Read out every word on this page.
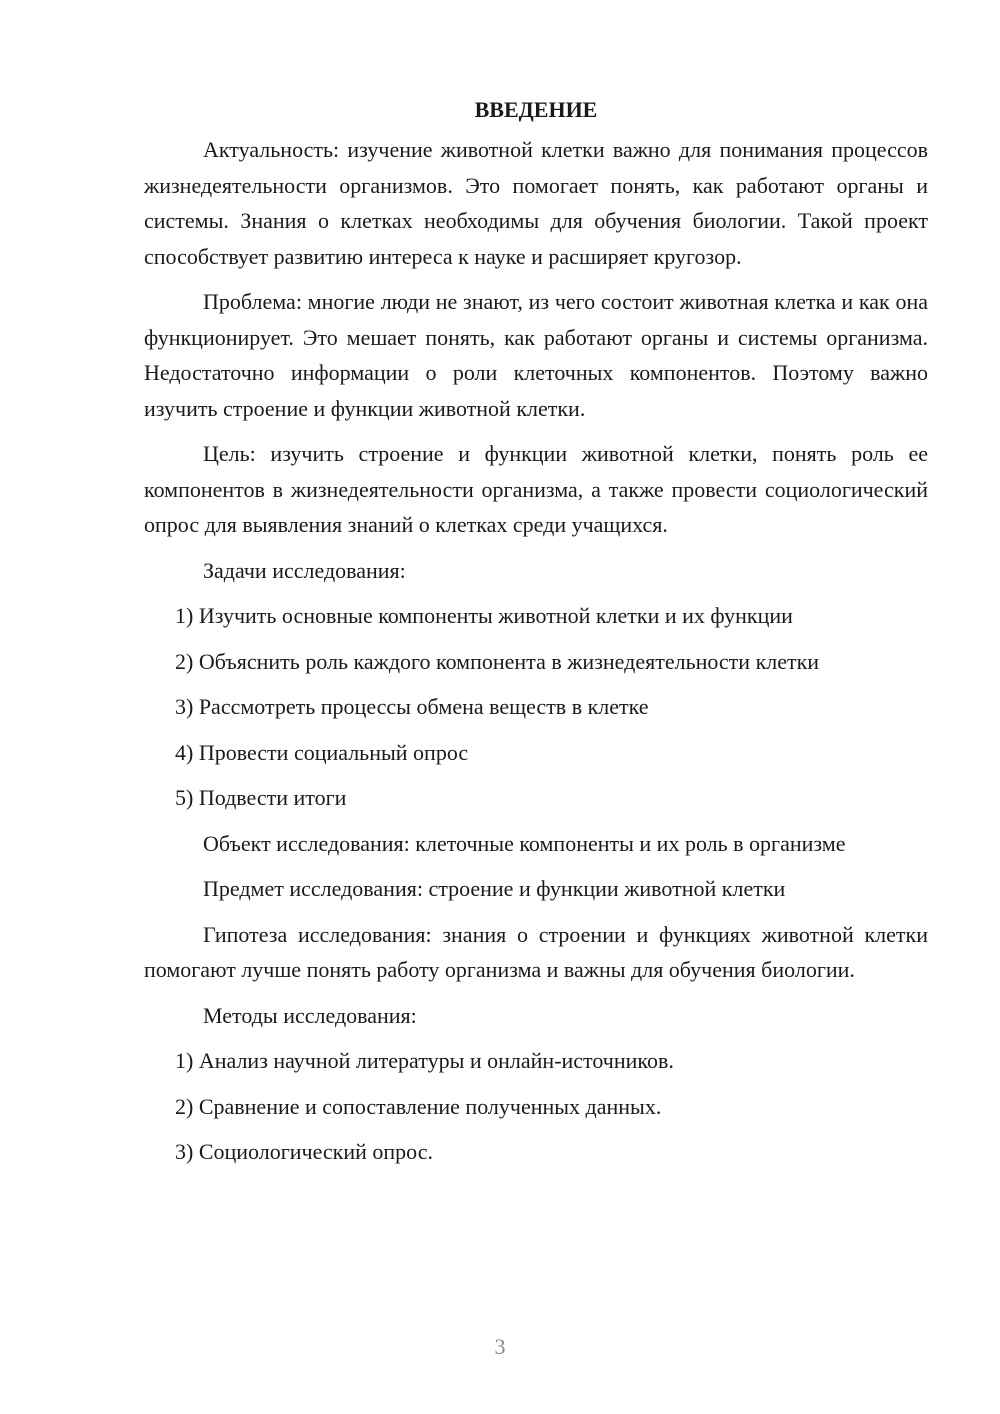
ВВЕДЕНИЕ

Актуальность: изучение животной клетки важно для понимания процессов жизнедеятельности организмов. Это помогает понять, как работают органы и системы. Знания о клетках необходимы для обучения биологии. Такой проект способствует развитию интереса к науке и расширяет кругозор.

Проблема: многие люди не знают, из чего состоит животная клетка и как она функционирует. Это мешает понять, как работают органы и системы организма. Недостаточно информации о роли клеточных компонентов. Поэтому важно изучить строение и функции животной клетки.

Цель: изучить строение и функции животной клетки, понять роль ее компонентов в жизнедеятельности организма, а также провести социологический опрос для выявления знаний о клетках среди учащихся.

Задачи исследования:

1) Изучить основные компоненты животной клетки и их функции

2) Объяснить роль каждого компонента в жизнедеятельности клетки

3) Рассмотреть процессы обмена веществ в клетке

4) Провести социальный опрос

5) Подвести итоги

Объект исследования: клеточные компоненты и их роль в организме

Предмет исследования: строение и функции животной клетки

Гипотеза исследования: знания о строении и функциях животной клетки помогают лучше понять работу организма и важны для обучения биологии.

Методы исследования:

1) Анализ научной литературы и онлайн-источников.

2) Сравнение и сопоставление полученных данных.

3) Социологический опрос.

3
